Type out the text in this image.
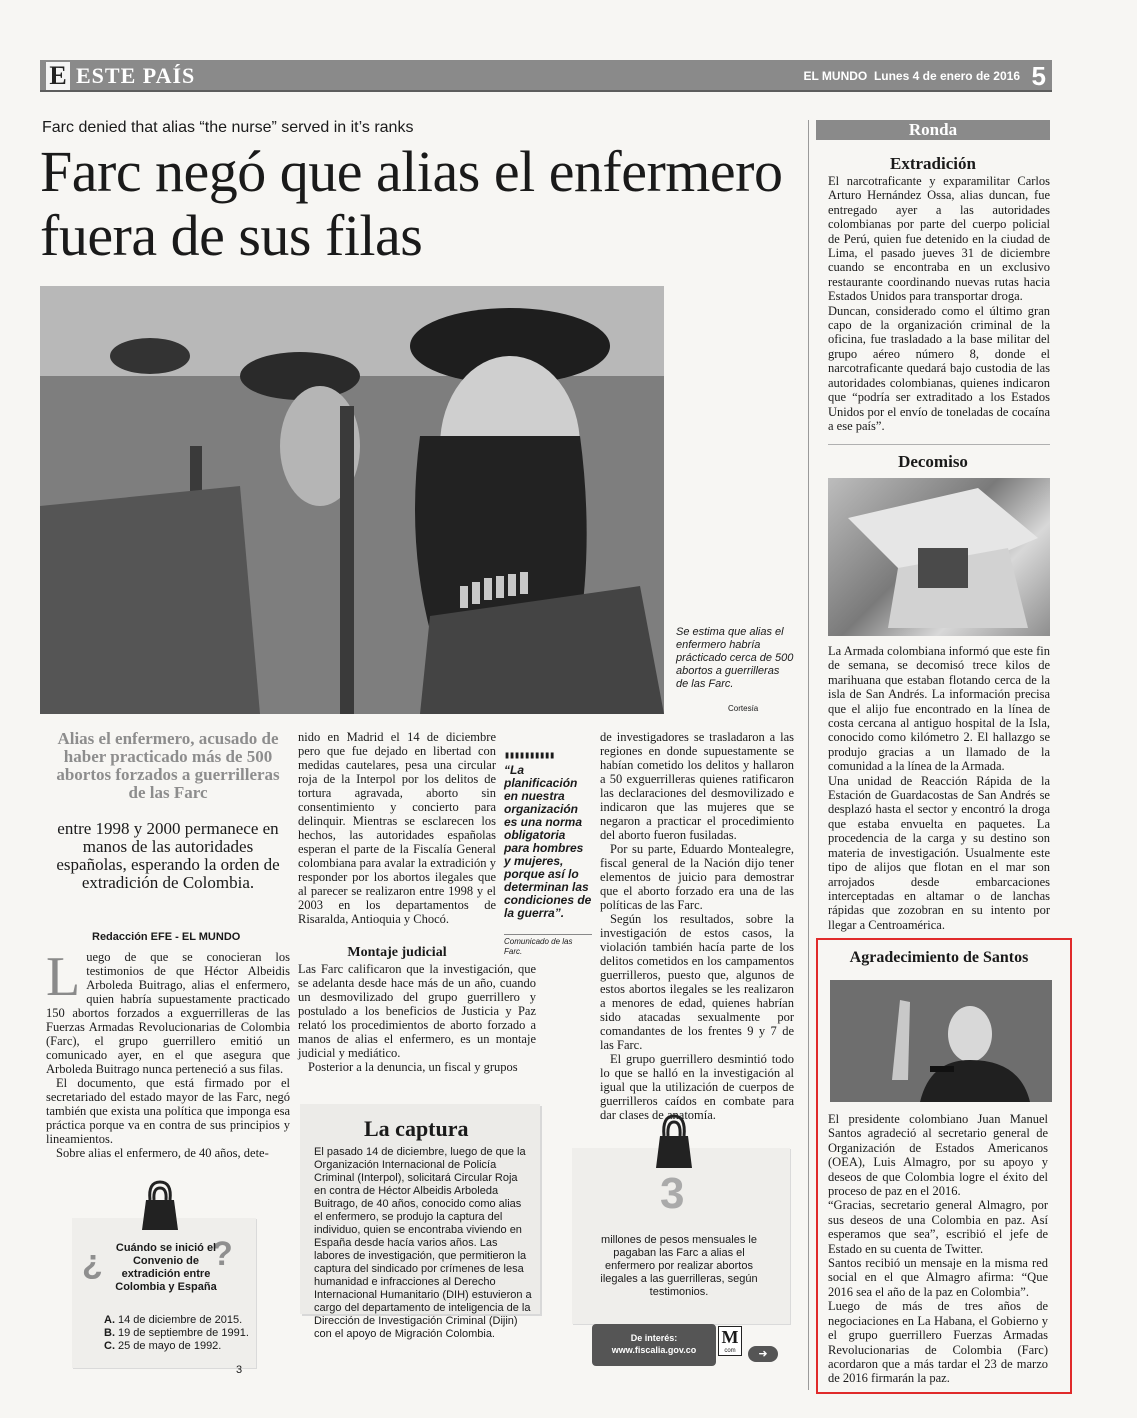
E ESTE PAÍS	EL MUNDO Lunes 4 de enero de 2016 5
Farc denied that alias “the nurse” served in it’s ranks
Farc negó que alias el enfermero fuera de sus filas
Se estima que alias el enfermero habría prácticado cerca de 500 abortos a guerrilleras de las Farc.
Cortesía
Alias el enfermero, acusado de haber practicado más de 500 abortos forzados a guerrilleras de las Farc
entre 1998 y 2000 permanece en manos de las autoridades españolas, esperando la orden de extradición de Colombia.
Redacción EFE - EL MUNDO
L uego de que se conocieran los testimonios de que Héctor Albeidis Arboleda Buitrago, alias el enfermero, quien habría supuestamente practicado 150 abortos forzados a exguerrilleras de las Fuerzas Armadas Revolucionarias de Colombia (Farc), el grupo guerrillero emitió un comunicado ayer, en el que asegura que Arboleda Buitrago nunca perteneció a sus filas.

El documento, que está firmado por el secretariado del estado mayor de las Farc, negó también que exista una política que imponga esa práctica porque va en contra de sus principios y lineamientos.

Sobre alias el enfermero, de 40 años, dete-

nido en Madrid el 14 de diciembre pero que fue dejado en libertad con medidas cautelares, pesa una circular roja de la Interpol por los delitos de tortura agravada, aborto sin consentimiento y concierto para delinquir. Mientras se esclarecen los hechos, las autoridades españolas esperan el parte de la Fiscalía General colombiana para avalar la extradición y responder por los abortos ilegales que al parecer se realizaron entre 1998 y el 2003 en los departamentos de Risaralda, Antioquia y Chocó.

Montaje judicial

Las Farc calificaron que la investigación, que se adelanta desde hace más de un año, cuando un desmovilizado del grupo guerrillero y postulado a los beneficios de Justicia y Paz relató los procedimientos de aborto forzado a manos de alias el enfermero, es un montaje judicial y mediático.

Posterior a la denuncia, un fiscal y grupos

▮▮▮▮▮▮▮▮▮▮
“La planificación en nuestra organización es una norma obligatoria para hombres y mujeres, porque así lo determinan las condiciones de la guerra”.
Comunicado de las Farc.

de investigadores se trasladaron a las regiones en donde supuestamente se habían cometido los delitos y hallaron a 50 exguerrilleras quienes ratificaron las declaraciones del desmovilizado e indicaron que las mujeres que se negaron a practicar el procedimiento del aborto fueron fusiladas.

Por su parte, Eduardo Montealegre, fiscal general de la Nación dijo tener elementos de juicio para demostrar que el aborto forzado era una de las políticas de las Farc.

Según los resultados, sobre la investigación de estos casos, la violación también hacía parte de los delitos cometidos en los campamentos guerrilleros, puesto que, algunos de estos abortos ilegales se les realizaron a menores de edad, quienes habrían sido atacadas sexualmente por comandantes de los frentes 9 y 7 de las Farc.

El grupo guerrillero desmintió todo lo que se halló en la investigación al igual que la utilización de cuerpos de guerrilleros caídos en combate para dar clases de anatomía.

La captura
El pasado 14 de diciembre, luego de que la Organización Internacional de Policía Criminal (Interpol), solicitará Circular Roja en contra de Héctor Albeidis Arboleda Buitrago, de 40 años, conocido como alias el enfermero, se produjo la captura del individuo, quien se encontraba viviendo en España desde hacía varios años. Las labores de investigación, que permitieron la captura del sindicado por crímenes de lesa humanidad e infracciones al Derecho Internacional Humanitario (DIH) estuvieron a cargo del departamento de inteligencia de la Dirección de Investigación Criminal (Dijin) con el apoyo de Migración Colombia.
3
millones de pesos mensuales le pagaban las Farc a alias el enfermero por realizar abortos ilegales a las guerrilleras, según testimonios.
De interés:
www.fiscalia.gov.co
M
com	➜
¿	?
Cuándo se inició el Convenio de extradición entre Colombia y España
A. 14 de diciembre de 2015.
B. 19 de septiembre de 1991.
C. 25 de mayo de 1992.
3
Ronda
Extradición

El narcotraficante y exparamilitar Carlos Arturo Hernández Ossa, alias duncan, fue entregado ayer a las autoridades colombianas por parte del cuerpo policial de Perú, quien fue detenido en la ciudad de Lima, el pasado jueves 31 de diciembre cuando se encontraba en un exclusivo restaurante coordinando nuevas rutas hacia Estados Unidos para transportar droga.

Duncan, considerado como el último gran capo de la organización criminal de la oficina, fue trasladado a la base militar del grupo aéreo número 8, donde el narcotraficante quedará bajo custodia de las autoridades colombianas, quienes indicaron que “podría ser extraditado a los Estados Unidos por el envío de toneladas de cocaína a ese país”.

Decomiso

La Armada colombiana informó que este fin de semana, se decomisó trece kilos de marihuana que estaban flotando cerca de la isla de San Andrés. La información precisa que el alijo fue encontrado en la línea de costa cercana al antiguo hospital de la Isla, conocido como kilómetro 2. El hallazgo se produjo gracias a un llamado de la comunidad a la línea de la Armada.

Una unidad de Reacción Rápida de la Estación de Guardacostas de San Andrés se desplazó hasta el sector y encontró la droga que estaba envuelta en paquetes. La procedencia de la carga y su destino son materia de investigación. Usualmente este tipo de alijos que flotan en el mar son arrojados desde embarcaciones interceptadas en altamar o de lanchas rápidas que zozobran en su intento por llegar a Centroamérica.

Agradecimiento de Santos

El presidente colombiano Juan Manuel Santos agradeció al secretario general de Organización de Estados Americanos (OEA), Luis Almagro, por su apoyo y deseos de que Colombia logre el éxito del proceso de paz en el 2016.

“Gracias, secretario general Almagro, por sus deseos de una Colombia en paz. Así esperamos que sea”, escribió el jefe de Estado en su cuenta de Twitter.

Santos recibió un mensaje en la misma red social en el que Almagro afirma: “Que 2016 sea el año de la paz en Colombia”.

Luego de más de tres años de negociaciones en La Habana, el Gobierno y el grupo guerrillero Fuerzas Armadas Revolucionarias de Colombia (Farc) acordaron que a más tardar el 23 de marzo de 2016 firmarán la paz.
